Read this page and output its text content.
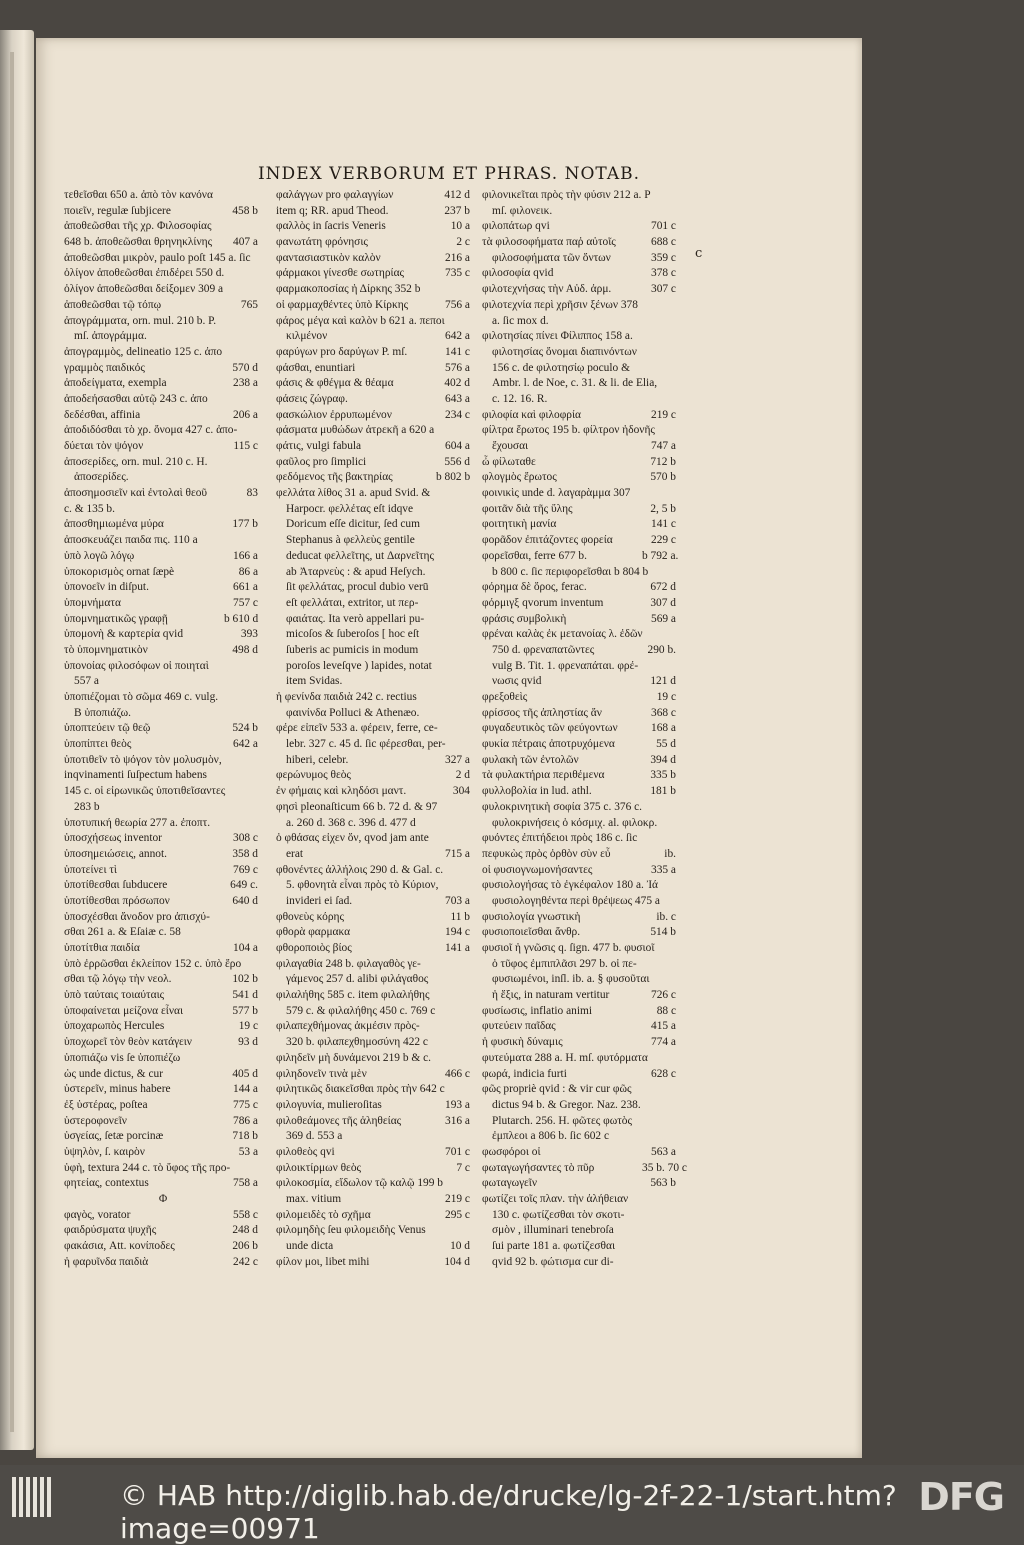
INDEX VERBORUM ET PHRAS. NOTAB.
τεθεῖσθαι 650 a. ἀπὸ τὸν κανόνα
ποιεῖν, regulæ ſubjicere	458 b
ἀποθεῶσθαι τῆς χρ. Φιλοσοφίας
648 b. ἀποθεῶσθαι θρηνηκλίνης 407 a
ἀποθεῶσθαι μικρὸν, paulo poſt 145 a. ſic
ὀλίγον ἀποθεῶσθαι ἐπιδέρει 550 d.
ὀλίγον ἀποθεῶσθαι δείξομεν 309 a
ἀποθεῶσθαι τῷ τόπῳ	765
ἀπογράμματα, orn. mul. 210 b. P.
mſ. ἀπογράμμα.
ἀπογραμμὸς, delineatio 125 c. ἀπο
γραμμὸς παιδικός	570 d
ἀποδείγματα, exempla	238 a
ἀποδεήσασθαι αὐτῷ 243 c. ἀπο
δεδέσθαι, affinia	206 a
ἀποδιδόσθαι τὸ χρ. ὄνομα 427 c. ἀπο-
δύεται τὸν ψόγον	115 c
ἀποσερίδες, orn. mul. 210 c. H.
ἀποσερίδες.
ἀποσημοσιεῖν καὶ ἐντολαὶ θεοῦ	83
c. & 135 b.
ἀποσθημιωμένα μύρα	177 b
ἀποσκευάζει παιδα πις. 110 a
ὑπὸ λογῶ λόγῳ	166 a
ὑποκορισμὸς ornat ſæpè	86 a
ὑπονοεῖν in diſput.	661 a
ὑπομνήματα	757 c
ὑπομνηματικῶς γραφῇ	b 610 d
ὑπομονὴ & καρτερία qvid	393
τὸ ὑπομνηματικὸν	498 d
ὑπονοίας φιλοσόφων οἱ ποιηταὶ
557 a
ὑποπιέζομαι τὸ σῶμα 469 c. vulg.
B ὑποπιάζω.
ὑποπτεύειν τῷ θεῷ	524 b
ὑποπίπτει θεὸς	642 a
ὑποτιθεῖν τὸ ψόγον τὸν μολυσμὸν,
inqvinamenti ſuſpectum habens
145 c. οἱ εἰρωνικῶς ὑποτιθεῖσαντες
283 b
ὑποτυπική θεωρία 277 a. ἐποπτ.
ὑποσχήσεως inventor	308 c
ὑποσημειώσεις, annot.	358 d
ὑποτείνει τὶ	769 c
ὑποτίθεσθαι ſubducere	649 c.
ὑποτίθεσθαι πρόσωπον	640 d
ὑποσχέσθαι ἄνοδον pro ἀπισχύ-
σθαι 261 a. & Eſaiæ c. 58
ὑποτίτθια παιδία	104 a
ὑπὸ ἐρρῶσθαι ἐκλείπον 152 c. ὑπὸ ἔρο
σθαι τῷ λόγῳ τὴν νεολ.	102 b
ὑπὸ ταύταις τοιαύταις	541 d
ὑποφαίνεται μείζονα εἶναι	577 b
ὑποχαρωπὸς Hercules	19 c
ὑποχωρεῖ τὸν θεὸν κατάγειν	93 d
ὑποπιάζω vis ſe ὑποπιέζω
ὡς unde dictus, & cur	405 d
ὑστερεῖν, minus habere	144 a
ἐξ ὑστέρας, poſtea	775 c
ὑστεροφονεῖν	786 a
ὑσγείας, ſetæ porcinæ	718 b
ὑψηλὸν, ſ. καιρὸν	53 a
ὑφὴ, textura 244 c. τὸ ὕφος τῆς προ-
φητείας, contextus	758 a
Φ
φαγὸς, vorator	558 c
φαιδρύσματα ψυχῆς	248 d
φακάσια, Att. κονίποδες	206 b
ἡ φαρυῖνδα παιδιὰ	242 c
φαλάγγων pro φαλαγγίων	412 d
item q; RR. apud Theod.	237 b
φαλλὸς in ſacris Veneris	10 a
φανωτάτη φρόνησις	2 c
φαντασιαστικὸν καλὸν	216 a
φάρμακοι γίνεσθε σωτηρίας	735 c
φαρμακοποσίας ἡ Δίρκης 352 b
οἱ φαρμαχθέντες ὑπὸ Κίρκης	756 a
φάρος μέγα καὶ καλὸν b 621 a. πεποι
κιλμένον	642 a
φαρύγων pro δαρύγων P. mſ.	141 c
φάσθαι, enuntiari	576 a
φάσις & φθέγμα & θέαμα	402 d
φάσεις ζώγραφ.	643 a
φασκώλιον ἐρρυπωμένον	234 c
φάσματα μυθώδων ἀτρεκῆ a 620 a
φάτις, vulgi fabula	604 a
φαῦλος pro ſimplici	556 d
φεδόμενος τῆς βακτηρίας	b 802 b
φελλάτα λίθος 31 a. apud Svid. &
Harpocr. φελλέτας eſt idqve
Doricum eſſe dicitur, ſed cum
Stephanus à φελλεὺς gentile
deducat φελλεῖτης, ut Δαρνεῖτης
ab Ἀταρνεὺς : & apud Heſych.
ſit φελλάτας, procul dubio verū
eſt φελλάται, extritor, ut περ-
φαιάτας. Ita verò appellari pu-
micoſos & ſuberoſos [ hoc eſt
ſuberis ac pumicis in modum
poroſos leveſqve ) lapides, notat
item Svidas.
ἡ φενίνδα παιδιὰ 242 c. rectius
φαινίνδα Polluci & Athenæo.
φέρε εἰπεῖν 533 a. φέρειν, ferre, ce-
lebr. 327 c. 45 d. ſic φέρεσθαι, per-
hiberi, celebr.	327 a
φερώνυμος θεὸς	2 d
ἐν φήμαις καὶ κληδόσι μαντ.	304
φησὶ pleonaſticum 66 b. 72 d. & 97
a. 260 d. 368 c. 396 d. 477 d
ὁ φθάσας εἰχεν ὅν, qvod jam ante
erat	715 a
φθονέντες ἀλλήλοις 290 d. & Gal. c.
5. φθονητὰ εἶναι πρὸς τὸ Κύριον,
invideri ei ſad.	703 a
φθονεὺς κόρης	11 b
φθορὰ φαρμακα	194 c
φθοροποιὸς βίος	141 a
φιλαγαθία 248 b. φιλαγαθὸς γε-
γάμενος 257 d. alibi φιλάγαθος
φιλαλήθης 585 c. item φιλαλήθης
579 c. & φιλαλήθης 450 c. 769 c
φιλαπεχθήμονας ἀκμέσιν πρὸς-
320 b. φιλαπεχθημοσύνη 422 c
φιληδεῖν μὴ δυνάμενοι 219 b & c.
φιληδονεῖν τινὰ μὲν	466 c
φιλητικῶς διακεῖσθαι πρὸς τὴν 642 c
φιλογυνία, mulieroſitas	193 a
φιλοθεάμονες τῆς ἀληθείας	316 a
369 d. 553 a
φιλοθεὸς qvi	701 c
φιλοικτίρμων θεὸς	7 c
φιλοκοσμία, εἴδωλον τῷ καλῷ 199 b
max. vitium	219 c
φιλομειδὲς τὸ σχῆμα	295 c
φιλομηδὴς ſeu φιλομειδὴς Venus
unde dicta	10 d
φίλον μοι, libet mihi	104 d
φιλονικεῖται πρὸς τὴν φύσιν 212 a. P
mſ. φιλονεικ.
φιλοπάτωρ qvi	701 c
τὰ φιλοσοφήματα παῤ αὐτοῖς	688 c
φιλοσοφήματα τῶν ὄντων	359 c
φιλοσοφία qvid	378 c
φιλοτεχνήσας τὴν Αὐδ. ἀρμ.	307 c
φιλοτεχνία περὶ χρῆσιν ξένων 378
a. ſic mox d.
φιλοτησίας πίνει Φίλιππος 158 a.
φιλοτησίας ὄνομαι διαπινόντων
156 c. de φιλοτησίῳ poculo &
Ambr. l. de Noe, c. 31. & li. de Elia,
c. 12. 16. R.
φιλοφία καὶ φιλοφρία	219 c
φίλτρα ἔρωτος 195 b. φίλτρον ἡδονῆς
ἔχουσαι	747 a
ὦ φίλωταθε	712 b
φλογμὸς ἔρωτος	570 b
φοινικὶς unde d. λαγαρὰμμα 307
φοιτᾶν διὰ τῆς ὕλης	2, 5 b
φοιτητικὴ μανία	141 c
φορᾶδον ἐπιτάζοντες φορεία	229 c
φορεῖσθαι, ferre 677 b.	b 792 a.
b 800 c. ſic περιφορεῖσθαι b 804 b
φόρημα δὲ ὅρος, ferac.	672 d
φόρμιγξ qvorum inventum	307 d
φράσις συμβολικὴ	569 a
φρέναι καλὰς ἐκ μετανοίας λ. ἐδῶν
750 d. φρεναπατῶντες	290 b.
vulg B. Tit. 1. φρεναπάται. φρέ-
νωσις qvid	121 d
φρεξοθεὶς	19 c
φρίσσος τῆς ἀπληστίας ἄν	368 c
φυγαδευτικὸς τῶν φεύγοντων	168 a
φυκία πέτραις ἀποτρυχόμενα	55 d
φυλακὴ τῶν ἐντολῶν	394 d
τὰ φυλακτήρια περιθέμενα	335 b
φυλλοβολία in lud. athl.	181 b
φυλοκρινητικὴ σοφία 375 c. 376 c.
φυλοκρινήσεις ὁ κόσμιχ. al. φιλοκρ.
φυόντες ἐπιτήδειοι πρὸς 186 c. ſic
πεφυκὼς πρὸς ὀρθὸν σὺν εὖ	ib.
οἱ φυσιογνωμονήσαντες	335 a
φυσιολογήσας τὸ ἐγκέφαλον 180 a. Ἰά
φυσιολογηθέντα περὶ θρέψεως 475 a
φυσιολογία γνωστικὴ	ib. c
φυσιοποιεῖσθαι ἄνθρ.	514 b
φυσιοῖ ἡ γνῶσις q. ſign. 477 b. φυσιοῖ
ὁ τῦφος ἐμπιπλᾶσι 297 b. οἱ πε-
φυσιωμένοι, inſl. ib. a. § φυσοῦται
ἡ ἕξις, in naturam vertitur	726 c
φυσίωσις, inflatio animi	88 c
φυτεύειν παῖδας	415 a
ἡ φυσικὴ δύναμις	774 a
φυτεύματα 288 a. H. mſ. φυτόρματα
φωρά, indicia furti	628 c
φῶς propriè qvid : & vir cur φῶς
dictus 94 b. & Gregor. Naz. 238.
Plutarch. 256. H. φῶτες φωτὸς
ἐμπλεοι a 806 b. ſic 602 c
φωσφόροι οἱ	563 a
φωταγωγήσαντες τὸ πῦρ	35 b. 70 c
φωταγωγεῖν	563 b
φωτίζει τοῖς πλαν. τὴν ἀλήθειαν
130 c. φωτίζεσθαι τὸν σκοτι-
σμὸν , illuminari tenebroſa
ſui parte 181 a. φωτίζεσθαι
qvid 92 b. φώτισμα cur di-
c
© HAB http://diglib.hab.de/drucke/lg-2f-22-1/start.htm?image=00971
DFG
